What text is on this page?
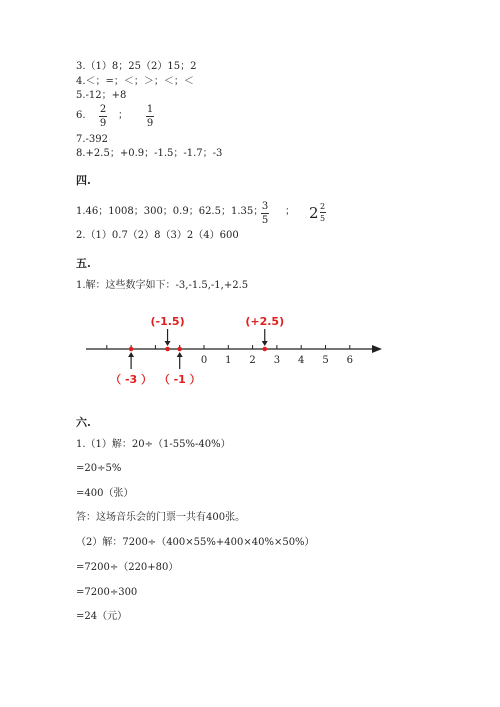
3.（1）8；25（2）15；2
4.＜；=；＜；＞；＜；＜
5.-12；+8
6.
2
9
；
1
9
7.-392
8.+2.5；+0.9；-1.5；-1.7；-3
四.
1.46；1008；300；0.9；62.5；1.35；
3
5
； $2 \frac{2}{5}$
2.（1）0.7（2）8（3）2（4）600
五.
1.解：这些数字如下：-3,-1.5,-1,+2.5
0 1 2 3 4 5 6
（ -3 ）
(-1.5)
（ -1 ）
(+2.5)
六.
1.（1）解：20÷（1-55%-40%）
=20÷5%
=400（张）
答：这场音乐会的门票一共有400张。
（2）解：7200÷（400×55%+400×40%×50%）
=7200÷（220+80）
=7200÷300
=24（元）
